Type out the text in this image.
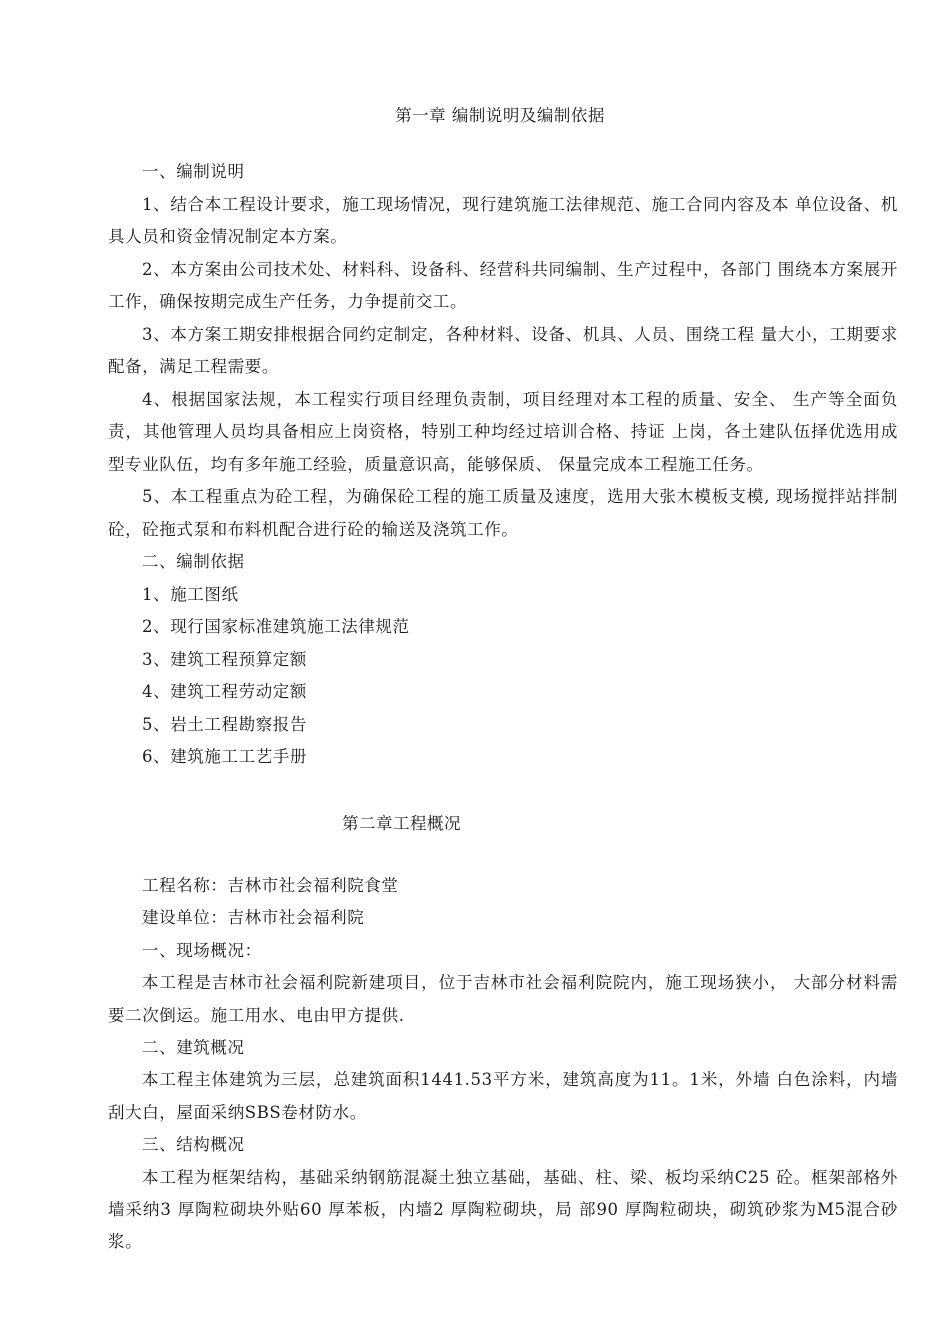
第一章 编制说明及编制依据

一、编制说明

1、结合本工程设计要求，施工现场情况，现行建筑施工法律规范、施工合同内容及本 单位设备、机具人员和资金情况制定本方案。

2、本方案由公司技术处、材料科、设备科、经营科共同编制、生产过程中，各部门 围绕本方案展开工作，确保按期完成生产任务，力争提前交工。

3、本方案工期安排根据合同约定制定，各种材料、设备、机具、人员、围绕工程 量大小，工期要求配备，满足工程需要。

4、根据国家法规，本工程实行项目经理负责制，项目经理对本工程的质量、安全、 生产等全面负责，其他管理人员均具备相应上岗资格，特别工种均经过培训合格、持证 上岗，各土建队伍择优选用成型专业队伍，均有多年施工经验，质量意识高，能够保质、 保量完成本工程施工任务。

5、本工程重点为砼工程，为确保砼工程的施工质量及速度，选用大张木模板支模, 现场搅拌站拌制砼，砼拖式泵和布料机配合进行砼的输送及浇筑工作。

二、编制依据

1、施工图纸

2、现行国家标准建筑施工法律规范

3、建筑工程预算定额

4、建筑工程劳动定额

5、岩土工程勘察报告

6、建筑施工工艺手册

第二章工程概况

工程名称：吉林市社会福利院食堂

建设单位：吉林市社会福利院

一、现场概况：

本工程是吉林市社会福利院新建项目，位于吉林市社会福利院院内，施工现场狭小， 大部分材料需要二次倒运。施工用水、电由甲方提供.

二、建筑概况

本工程主体建筑为三层，总建筑面积1441.53平方米，建筑高度为11。1米，外墙 白色涂料，内墙刮大白，屋面采纳SBS卷材防水。

三、结构概况

本工程为框架结构，基础采纳钢筋混凝土独立基础，基础、柱、梁、板均采纳C25 砼。框架部格外墙采纳3 厚陶粒砌块外贴60 厚苯板，内墙2 厚陶粒砌块，局 部90 厚陶粒砌块，砌筑砂浆为M5混合砂浆。
